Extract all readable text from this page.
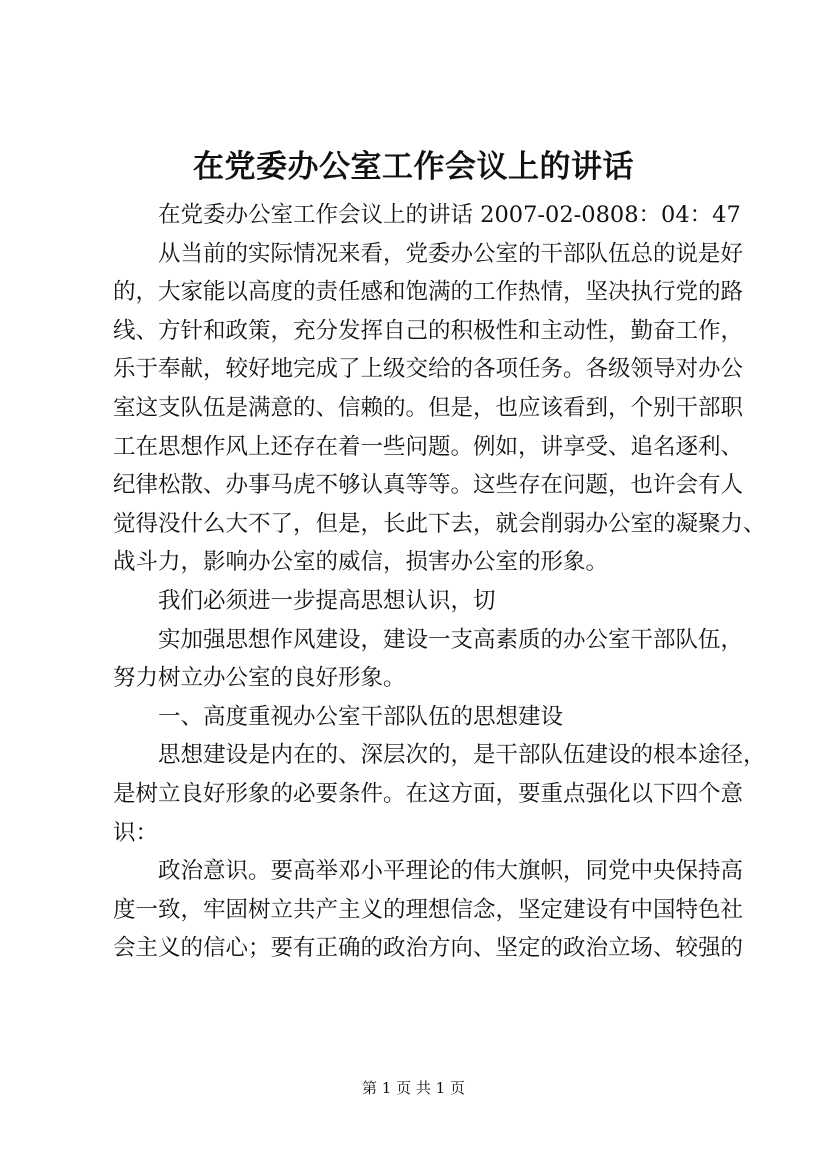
在党委办公室工作会议上的讲话
在党委办公室工作会议上的讲话 2007-02-0808：04：47
从当前的实际情况来看，党委办公室的干部队伍总的说是好
的，大家能以高度的责任感和饱满的工作热情，坚决执行党的路
线、方针和政策，充分发挥自己的积极性和主动性，勤奋工作，
乐于奉献，较好地完成了上级交给的各项任务。各级领导对办公
室这支队伍是满意的、信赖的。但是，也应该看到，个别干部职
工在思想作风上还存在着一些问题。例如，讲享受、追名逐利、
纪律松散、办事马虎不够认真等等。这些存在问题，也许会有人
觉得没什么大不了，但是，长此下去，就会削弱办公室的凝聚力、
战斗力，影响办公室的威信，损害办公室的形象。
我们必须进一步提高思想认识，切
实加强思想作风建设，建设一支高素质的办公室干部队伍，
努力树立办公室的良好形象。
一、高度重视办公室干部队伍的思想建设
思想建设是内在的、深层次的，是干部队伍建设的根本途径，
是树立良好形象的必要条件。在这方面，要重点强化以下四个意
识：
政治意识。要高举邓小平理论的伟大旗帜，同党中央保持高
度一致，牢固树立共产主义的理想信念，坚定建设有中国特色社
会主义的信心；要有正确的政治方向、坚定的政治立场、较强的
第 1 页 共 1 页
